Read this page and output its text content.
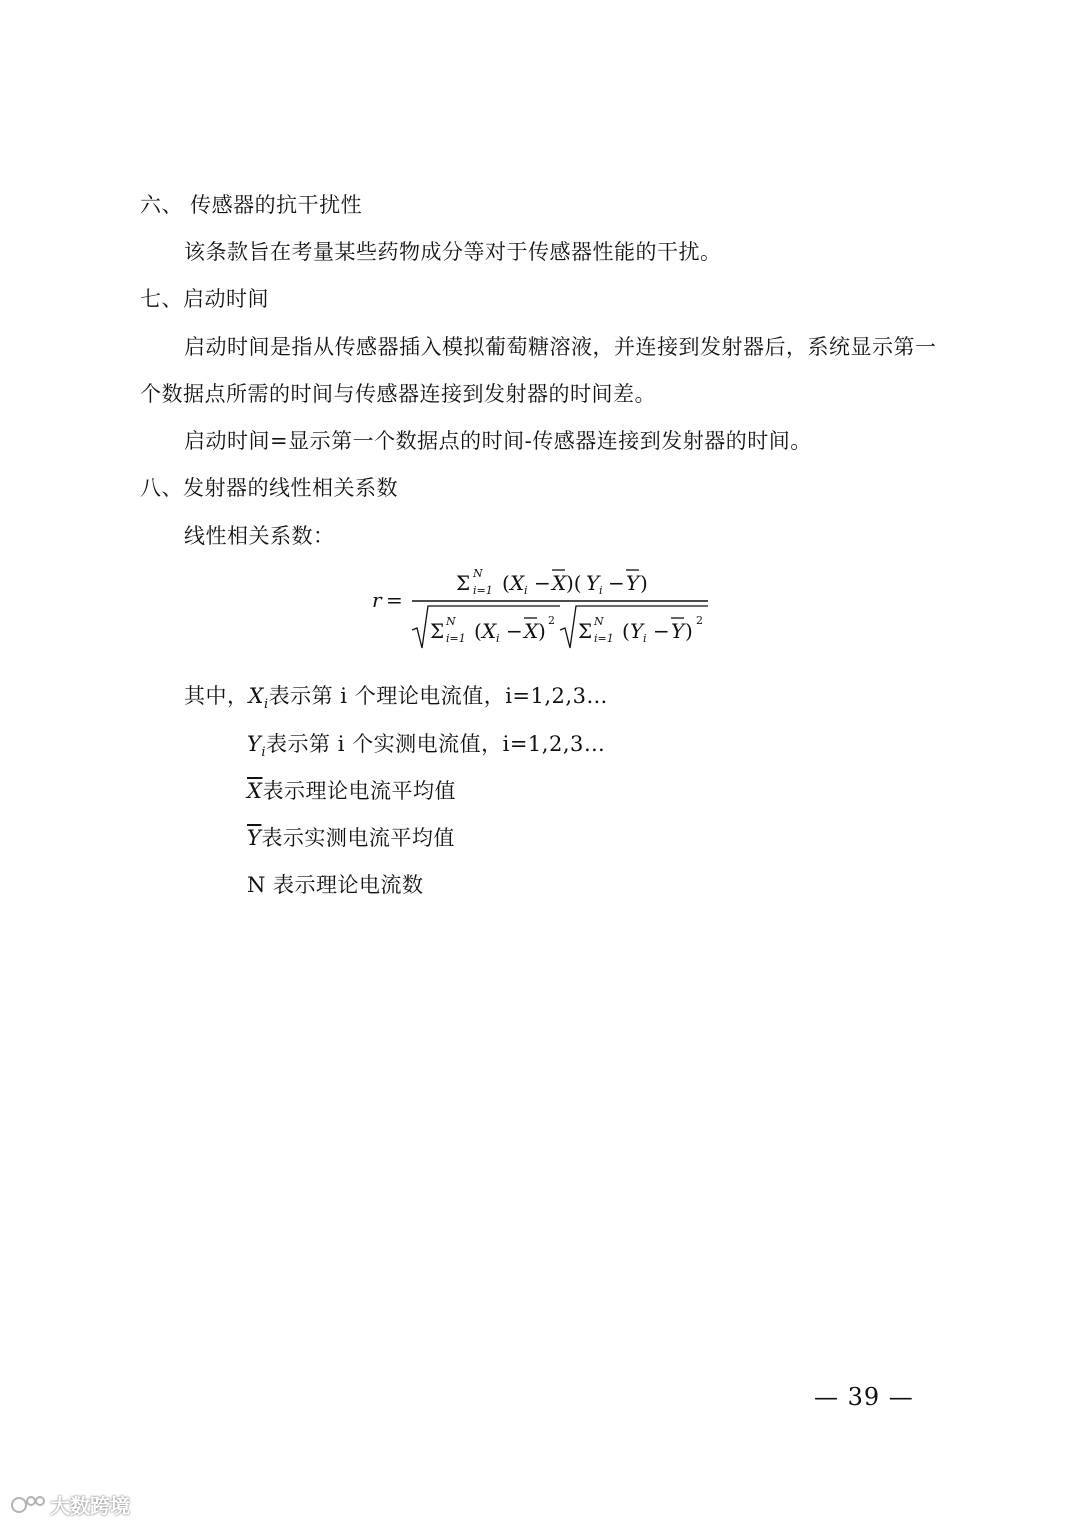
六、 传感器的抗干扰性
该条款旨在考量某些药物成分等对于传感器性能的干扰。
七、启动时间
启动时间是指从传感器插入模拟葡萄糖溶液，并连接到发射器后，系统显示第一
个数据点所需的时间与传感器连接到发射器的时间差。
启动时间=显示第一个数据点的时间-传感器连接到发射器的时间。
八、发射器的线性相关系数
线性相关系数：
r =
Σ N
i=1 ( X i − X )( Y i − Y )
Σ N
i=1 ( X i − X ) 2 Σ N
i=1 ( Y i − Y ) 2
其中，$X_i$表示第 i 个理论电流值，i=1,2,3…
$Y_i$表示第 i 个实测电流值，i=1,2,3…
$\overline{X}$表示理论电流平均值
$\overline{Y}$表示实测电流平均值
N 表示理论电流数
— 39 —
大数跨境
